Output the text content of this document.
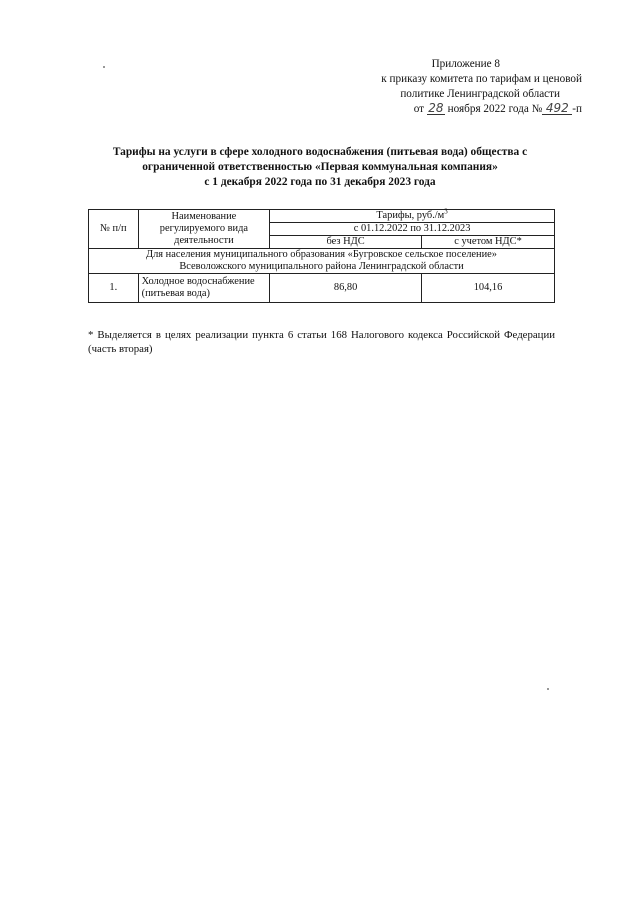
Приложение 8
к приказу комитета по тарифам и ценовой
политике Ленинградской области
от 28 ноября 2022 года № 492 -п
Тарифы на услуги в сфере холодного водоснабжения (питьевая вода) общества с
ограниченной ответственностью «Первая коммунальная компания»
с 1 декабря 2022 года по 31 декабря 2023 года
№ п/п	Наименование регулируемого вида деятельности	Тарифы, $руб./м^3$
		с 01.12.2022 по 31.12.2023	
		без НДС	с учетом НДС*
Для населения муниципального образования «Бугровское сельское поселение»
Всеволожского муниципального района Ленинградской области			
1.	Холодное водоснабжение (питьевая вода)	86,80	104,16
* Выделяется в целях реализации пункта 6 статьи 168 Налогового кодекса Российской Федерации (часть вторая)
